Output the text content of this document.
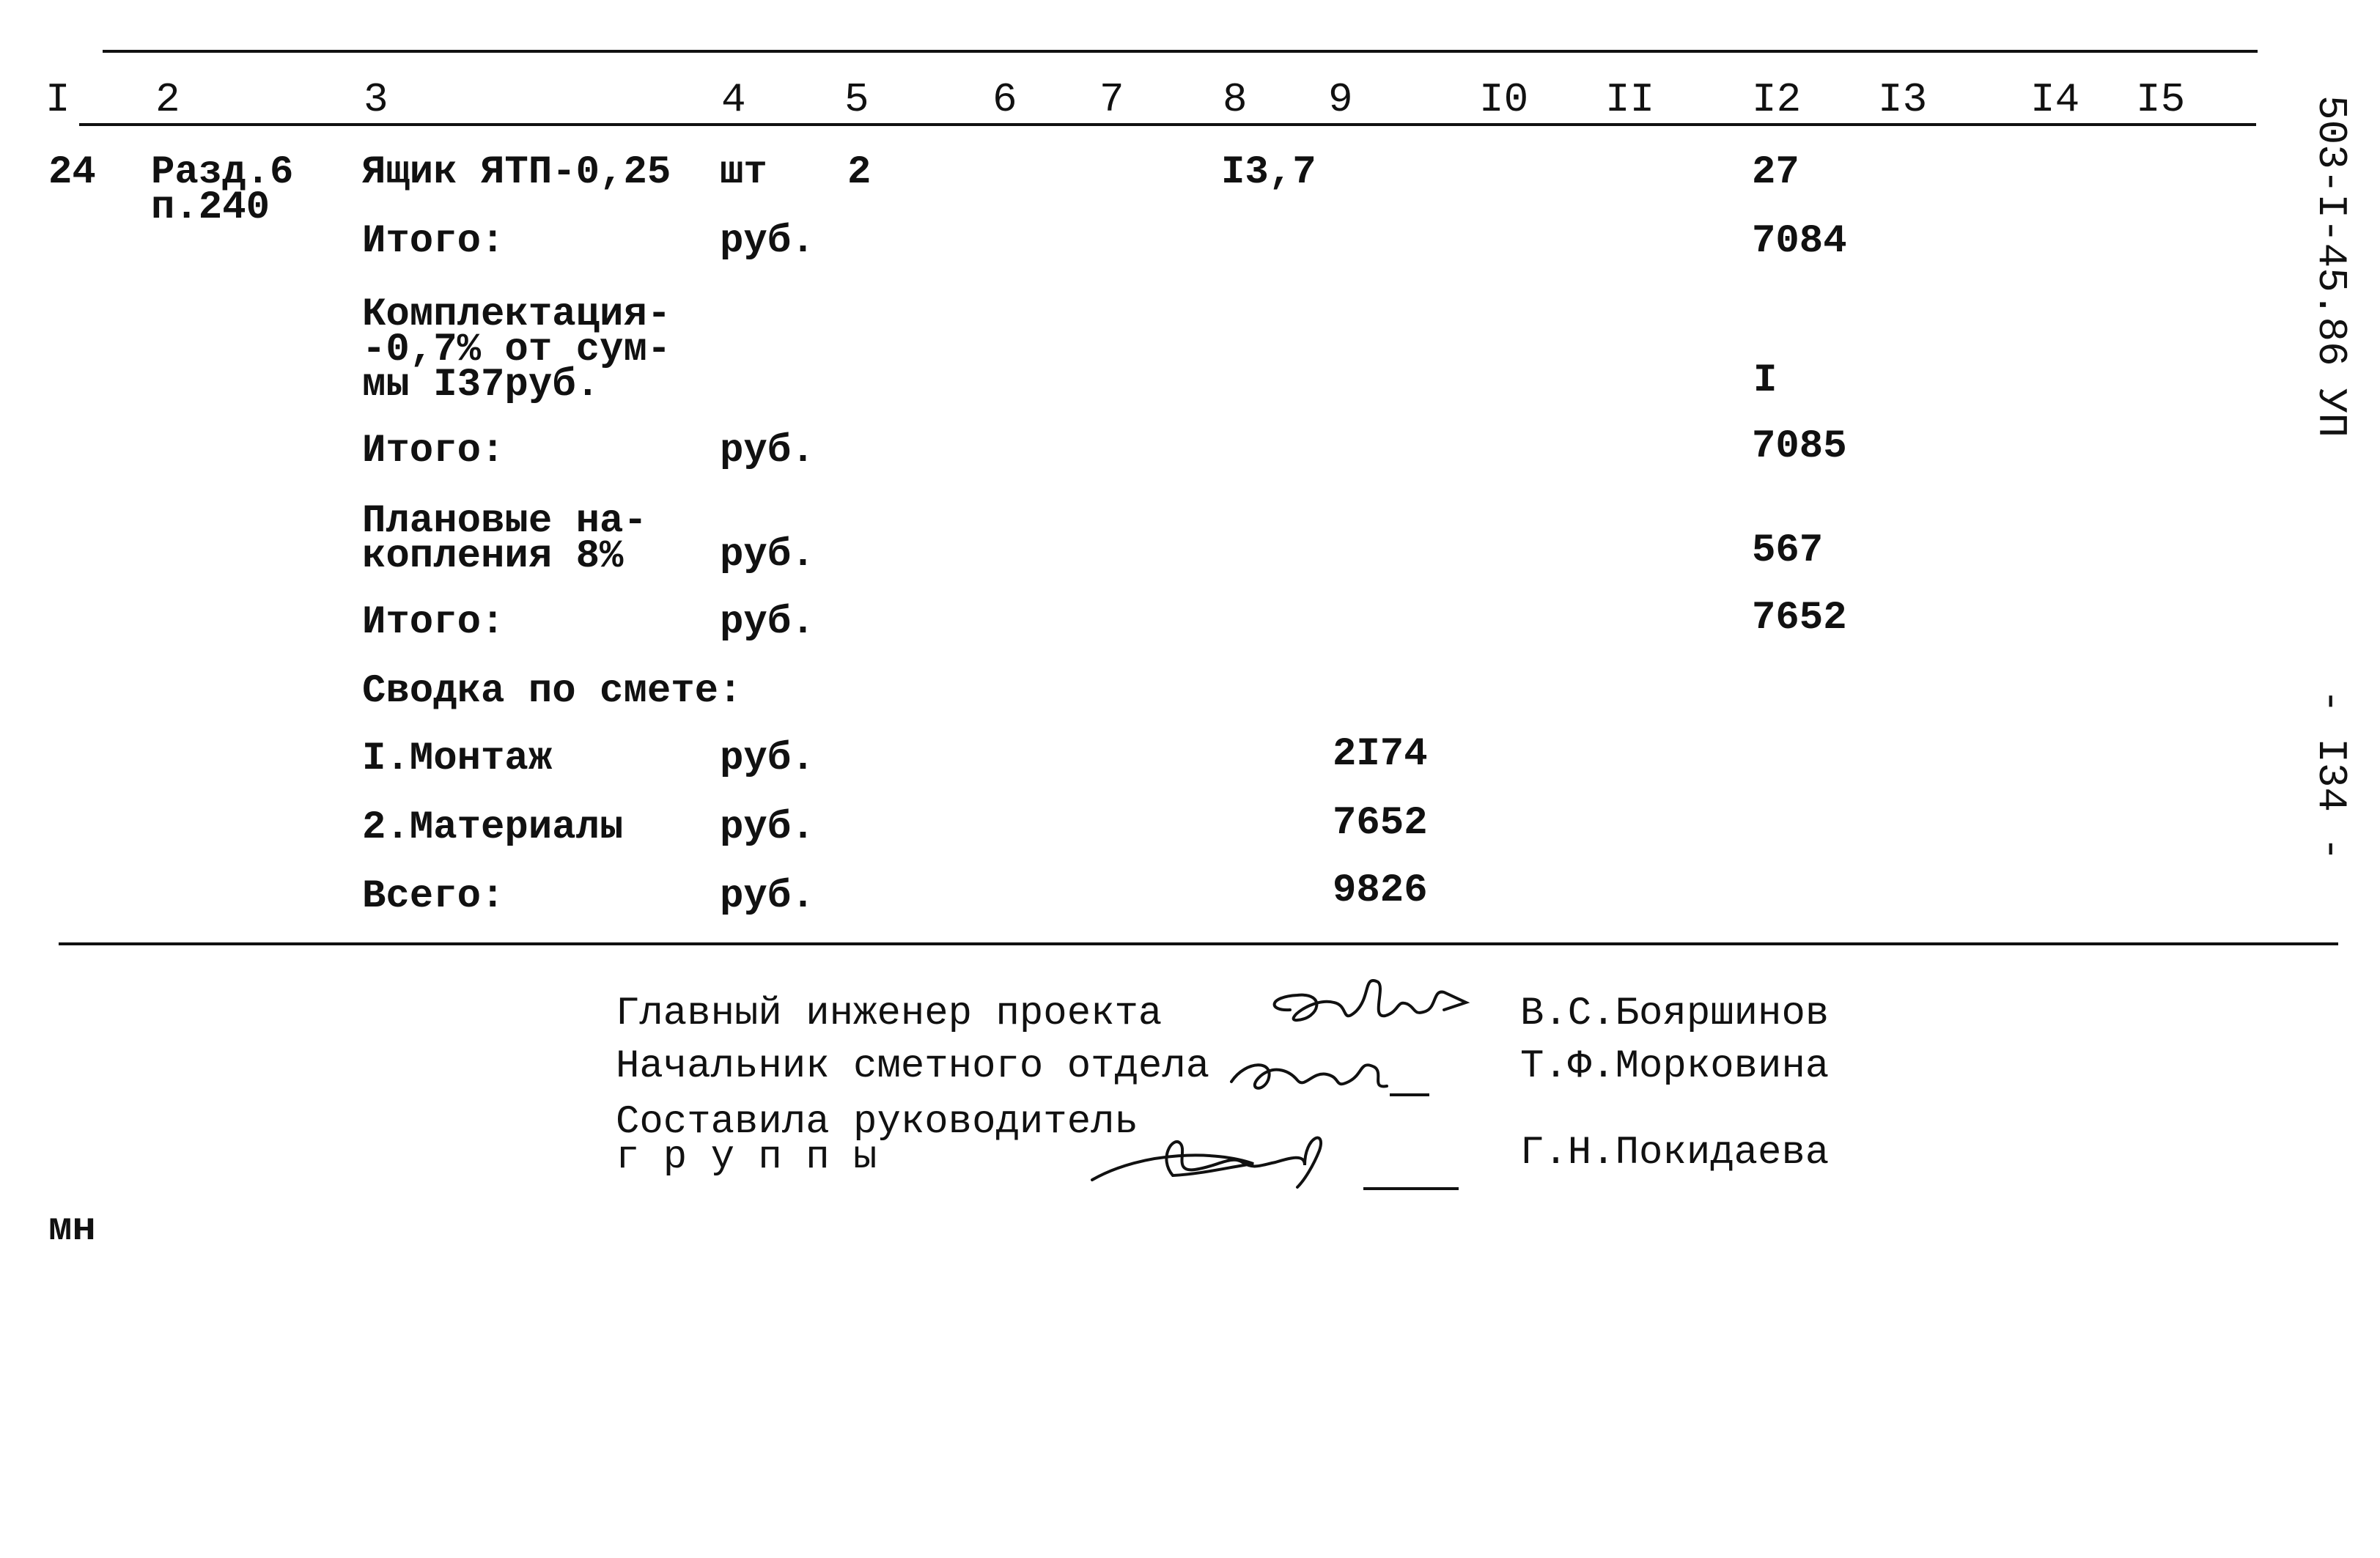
I 2	3	4 5	6 7 8 9	I0 II I2 I3	I4 I5
24 Разд.6
п.240
Ящик ЯТП-0,25 шт 2	I3,7	27
Итого:	руб.	7084
Комплектация-
-0,7% от сум-
мы I37руб.	I
Итого:	руб.	7085
Плановые на-
копления 8% руб.	567
Итого:	руб.	7652
Сводка по смете:
I.Монтаж	руб.	2I74
2.Материалы руб.	7652
Всего:	руб.	9826
503-I-45.86
УП
- I34 -
Главный инженер проекта	В.С.Бояршинов
Начальник сметного отдела	Т.Ф.Морковина
Составила руководитель
г р у п п ы	Г.Н.Покидаева
мн
